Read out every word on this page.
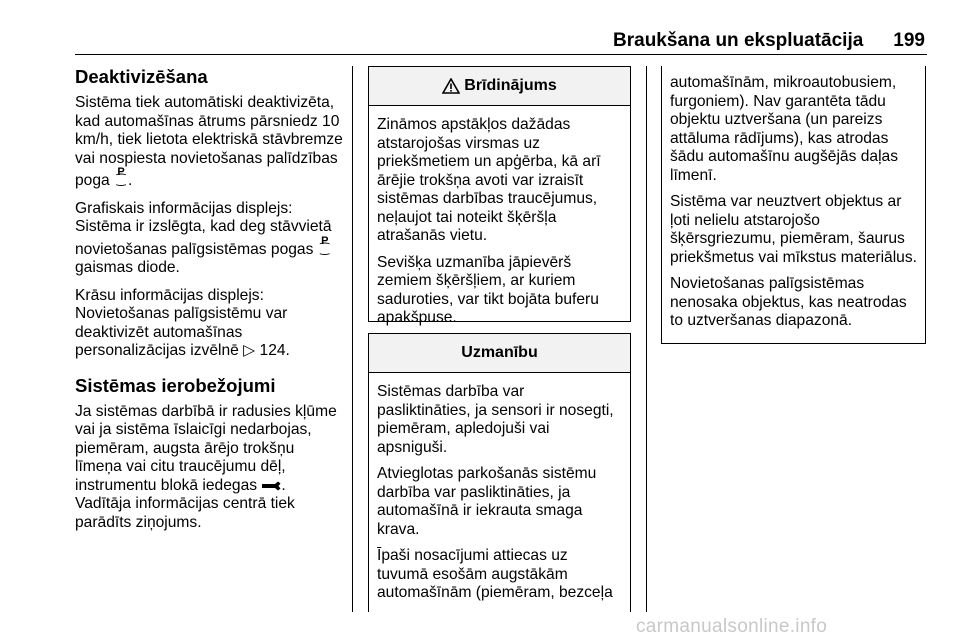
Braukšana un ekspluatācija 199
Deaktivizēšana

Sistēma tiek automātiski deaktivizēta, kad automašīnas ātrums pārsniedz 10 km/h, tiek lietota elektriskā stāvbremze vai nospiesta novietošanas palīdzības poga P
⁐ .

Grafiskais informācijas displejs: Sistēma ir izslēgta, kad deg stāvvietā novietošanas palīgsistēmas pogas P
⁐ gaismas diode.

Krāsu informācijas displejs: Novietošanas palīgsistēmu var deaktivizēt automašīnas personalizācijas izvēlnē ▷ 124.

Sistēmas ierobežojumi

Ja sistēmas darbībā ir radusies kļūme vai ja sistēma īslaicīgi nedarbojas, piemēram, augsta ārējo trokšņu līmeņa vai citu traucējumu dēļ, instrumentu blokā iedegas . Vadītāja informācijas centrā tiek parādīts ziņojums.

Brīdinājums

Zināmos apstākļos dažādas atstarojošas virsmas uz priekšmetiem un apģērba, kā arī ārējie trokšņa avoti var izraisīt sistēmas darbības traucējumus, neļaujot tai noteikt šķēršļa atrašanās vietu.

Sevišķa uzmanība jāpievērš zemiem šķēršļiem, ar kuriem saduroties, var tikt bojāta buferu apakšpuse.

Uzmanību

Sistēmas darbība var pasliktināties, ja sensori ir nosegti, piemēram, apledojuši vai apsniguši.

Atvieglotas parkošanās sistēmu darbība var pasliktināties, ja automašīnā ir iekrauta smaga krava.

Īpaši nosacījumi attiecas uz tuvumā esošām augstākām automašīnām (piemēram, bezceļa

automašīnām, mikroautobusiem, furgoniem). Nav garantēta tādu objektu uztveršana (un pareizs attāluma rādījums), kas atrodas šādu automašīnu augšējās daļas līmenī.

Sistēma var neuztvert objektus ar ļoti nelielu atstarojošo šķērsgriezumu, piemēram, šaurus priekšmetus vai mīkstus materiālus.

Novietošanas palīgsistēmas nenosaka objektus, kas neatrodas to uztveršanas diapazonā.

carmanualsonline.info
